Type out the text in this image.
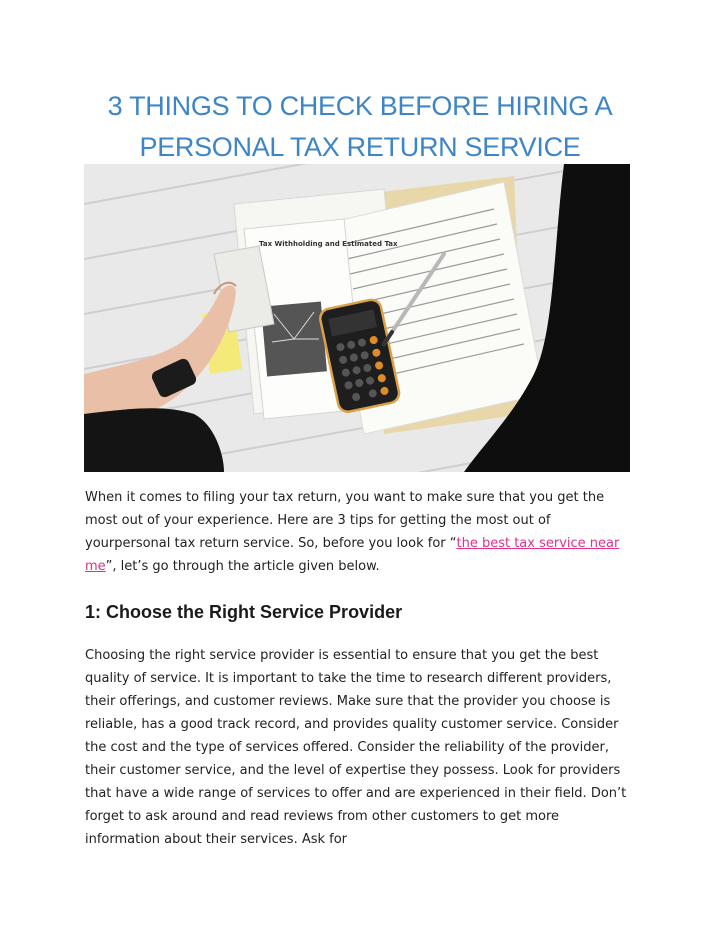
3 THINGS TO CHECK BEFORE HIRING A
PERSONAL TAX RETURN SERVICE
Tax Withholding and Estimated Tax

When it comes to filing your tax return, you want to make sure that you get the most out of your experience. Here are 3 tips for getting the most out of yourpersonal tax return service. So, before you look for “the best tax service near me”, let’s go through the article given below.

1: Choose the Right Service Provider

Choosing the right service provider is essential to ensure that you get the best quality of service. It is important to take the time to research different providers, their offerings, and customer reviews. Make sure that the provider you choose is reliable, has a good track record, and provides quality customer service. Consider the cost and the type of services offered. Consider the reliability of the provider, their customer service, and the level of expertise they possess. Look for providers that have a wide range of services to offer and are experienced in their field. Don’t forget to ask around and read reviews from other customers to get more information about their services. Ask for
